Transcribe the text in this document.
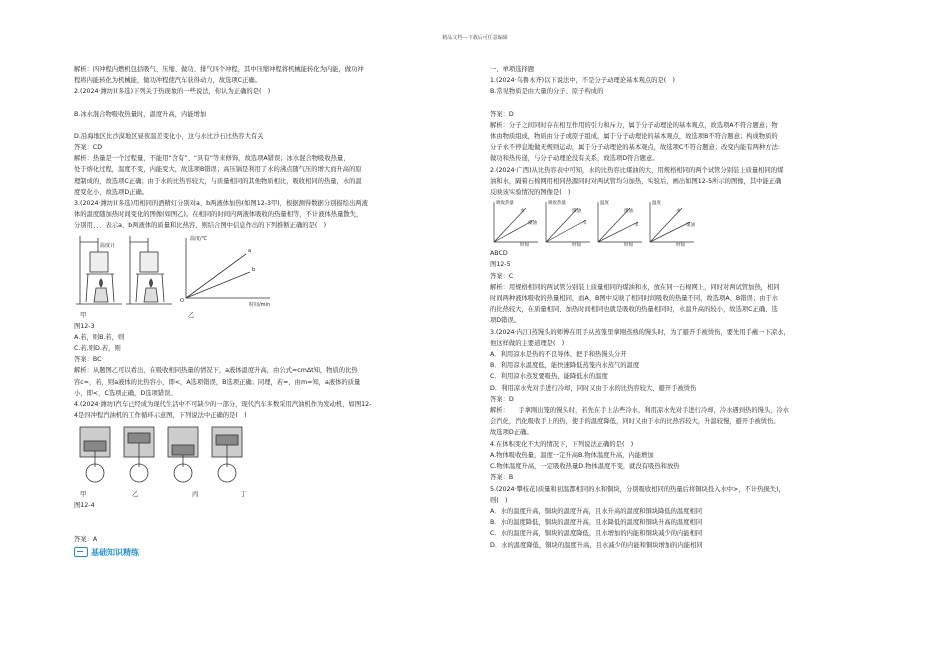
精品文档---下载后可任意编辑

解析：四冲程内燃机包括吸气、压缩、做功、排气四个冲程，其中压缩冲程将机械能转化为内能，做功冲

程将内能转化为机械能，做功冲程使汽车获得动力，故选项C正确。

2.(2024·潍坊)(多选)下列关于热现象的一些说法，你认为正确的是(　)

B.冰水混合物吸收热量时，温度升高，内能增加

D.沿海地区比沙漠地区昼夜温差变化小，这与水比沙石比热容大有关

答案：CD

解析：热量是一个过程量，不能用“含有”、“具有”等来修饰，故选项A错误；冰水混合物吸收热量，

处于熔化过程，温度不变，内能变大，故选项B错误；高压锅是利用了水的沸点随气压的增大而升高的原

理制成的，故选项C正确；由于水的比热容较大，与质量相同的其他物质相比，吸收相同的热量，水的温

度变化小，故选项D正确。

3.(2024·潍坊)(多选)用相同的酒精灯分别对a、b两液体加热(如图12-3甲)，根据测得数据分别描绘出两液

体的温度随加热时间变化的图像(如图乙)。在相同的时间内两液体吸收的热量相等，不计液体热量散失，

分别用、、、表示a、b两液体的质量和比热容，则结合图中信息作出的下列推断正确的是(　)

温度计
温度/℃
时间/min
a
b
O
甲	乙

图12-3

A.若，则B.若，则

C.若,则D.若，则

答案：BC

解析：从题图乙可以看出，在吸收相同热量的情况下，a液体温度升高，由公式=cmΔt知，物质的比热

容c=，若，则a液体的比热容小，即<，A选项错误，B选项正确；同理，若=，由m=知，a液体的质量

小，即<，C选项正确，D选项错误。

4.(2024·潍坊)汽车已经成为现代生活中不可缺少的一部分，现代汽车多数采用汽油机作为发动机，如图12-

4是四冲程汽油机的工作循环示意图，下列说法中正确的是(　)

甲	乙	丙	丁

图12-4

答案：A

基础知识精练

一、单项选择题

1.(2024·乌鲁木齐)以下说法中，不是分子动理论基本观点的是(　)

B.常见物质是由大量的分子、原子构成的

答案：D

解析：分子之间同时存在相互作用的引力和斥力，属于分子动理论的基本观点，故选项A不符合题意；物

体由物质组成，物质由分子或原子组成，属于分子动理论的基本观点，故选项B不符合题意；构成物质的

分子永不停息地做无规则运动，属于分子动理论的基本观点，故选项C不符合题意；改变内能有两种方法:

做功和热传递，与分子动理论没有关系，故选项D符合题意。

2.(2024·广西)从比热容表中可知，水的比热容比煤油的大，用规格相同的两个试管分别装上质量相同的煤

油和水，隔着石棉网用相同热源同时对两试管均匀加热，实验后，画出如图12-5所示的图像，其中能正确

反映该实验情况的图像是(　)

吸收热量	吸收热量	温度	温度
时间	时间	时间	时间
水
煤油
煤油
水
煤油
水
水
煤油

ABCD

图12-5

答案：C

解析：用规格相同的两试管分别装上质量相同的煤油和水，放在同一石棉网上，同时对两试管加热，相同

时间两种液体吸收的热量相同，而A、B图中反映了相同时间吸收的热量不同，故选项A、B错误；由于水

的比热较大，在质量相同、加热时间相同也就是吸收的热量相同时，水温升高的较小，故选项C正确、选

项D错误。

3.(2024·内江)蒸馒头的师傅在用手从蒸笼里拿刚蒸熟的馒头时，为了避开手被烫伤，要先用手蘸一下凉水，

他这样做的主要道理是(　)

A．利用凉水是热的不良导体，把手和热馒头分开

B．利用凉水温度低，能快速降低蒸笼内水蒸气的温度

C．利用凉水蒸发要吸热，能降低水的温度

D．利用凉水先对手进行冷却，同时又由于水的比热容较大，避开手被烫伤

答案：D

解析：　　手拿刚出笼的馒头时，若先在手上沾些冷水，利用凉水先对手进行冷却，冷水遇到热的馒头，冷水

会汽化，汽化吸收手上的热，使手的温度降低，同时又由于水的比热容较大，升温较慢，避开手被烫伤。

故选项D正确。

4.在体积变化不大的情况下，下列说法正确的是(　)

A.物体吸收热量，温度一定升高B.物体温度升高，内能增加

C.物体温度升高，一定吸收热量D.物体温度不变，就没有吸热和放热

答案：B

5.(2024·攀枝花)质量和初温都相同的水和铜块，分别吸收相同的热量后将铜块投入水中>，不计热损失)，

则(　)

A．水的温度升高，铜块的温度升高，且水升高的温度和铜块降低的温度相同

B．水的温度降低，铜块的温度升高，且水降低的温度和铜块升高的温度相同

C．水的温度升高，铜块的温度降低，且水增加的内能和铜块减少的内能相同

D．水的温度降低，铜块的温度升高，且水减少的内能和铜块增加的内能相同
